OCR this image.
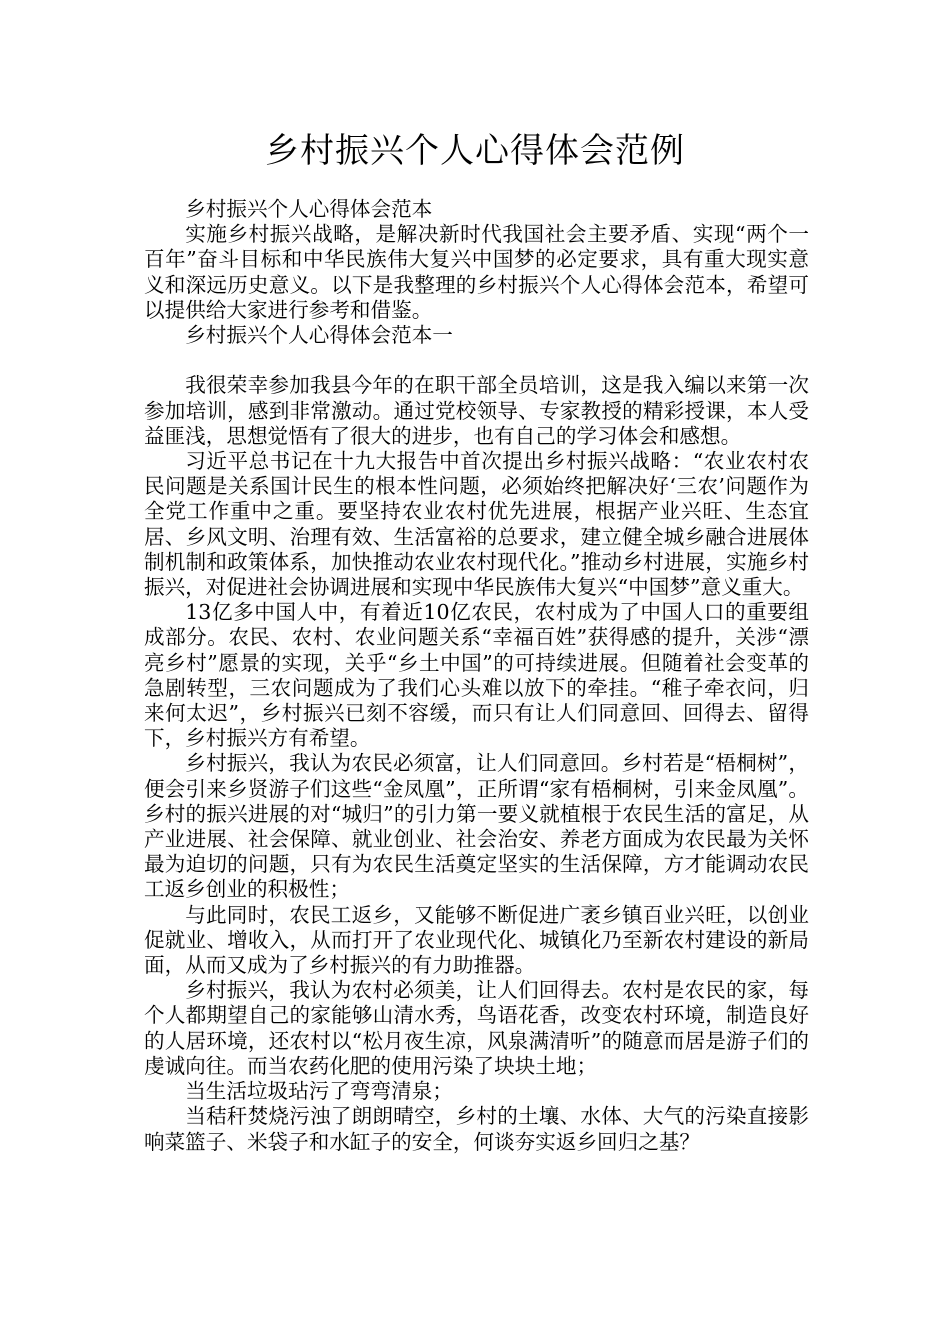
乡村振兴个人心得体会范例

乡村振兴个人心得体会范本

实施乡村振兴战略，是解决新时代我国社会主要矛盾、实现“两个一百年”奋斗目标和中华民族伟大复兴中国梦的必定要求，具有重大现实意义和深远历史意义。以下是我整理的乡村振兴个人心得体会范本，希望可以提供给大家进行参考和借鉴。

乡村振兴个人心得体会范本一

我很荣幸参加我县今年的在职干部全员培训，这是我入编以来第一次参加培训，感到非常激动。通过党校领导、专家教授的精彩授课，本人受益匪浅，思想觉悟有了很大的进步，也有自己的学习体会和感想。

习近平总书记在十九大报告中首次提出乡村振兴战略：“农业农村农民问题是关系国计民生的根本性问题，必须始终把解决好‘三农’问题作为全党工作重中之重。要坚持农业农村优先进展，根据产业兴旺、生态宜居、乡风文明、治理有效、生活富裕的总要求，建立健全城乡融合进展体制机制和政策体系，加快推动农业农村现代化。”推动乡村进展，实施乡村振兴，对促进社会协调进展和实现中华民族伟大复兴“中国梦”意义重大。

13亿多中国人中，有着近10亿农民，农村成为了中国人口的重要组成部分。农民、农村、农业问题关系“幸福百姓”获得感的提升，关涉“漂亮乡村”愿景的实现，关乎“乡土中国”的可持续进展。但随着社会变革的急剧转型，三农问题成为了我们心头难以放下的牵挂。“稚子牵衣问，归来何太迟”，乡村振兴已刻不容缓，而只有让人们同意回、回得去、留得下，乡村振兴方有希望。

乡村振兴，我认为农民必须富，让人们同意回。乡村若是“梧桐树”，便会引来乡贤游子们这些“金凤凰”，正所谓“家有梧桐树，引来金凤凰”。乡村的振兴进展的对“城归”的引力第一要义就植根于农民生活的富足，从产业进展、社会保障、就业创业、社会治安、养老方面成为农民最为关怀最为迫切的问题，只有为农民生活奠定坚实的生活保障，方才能调动农民工返乡创业的积极性；

与此同时，农民工返乡，又能够不断促进广袤乡镇百业兴旺，以创业促就业、增收入，从而打开了农业现代化、城镇化乃至新农村建设的新局面，从而又成为了乡村振兴的有力助推器。

乡村振兴，我认为农村必须美，让人们回得去。农村是农民的家，每个人都期望自己的家能够山清水秀，鸟语花香，改变农村环境，制造良好的人居环境，还农村以“松月夜生凉，风泉满清听”的随意而居是游子们的虔诚向往。而当农药化肥的使用污染了块块土地；

当生活垃圾玷污了弯弯清泉；

当秸秆焚烧污浊了朗朗晴空，乡村的土壤、水体、大气的污染直接影响菜篮子、米袋子和水缸子的安全，何谈夯实返乡回归之基？
